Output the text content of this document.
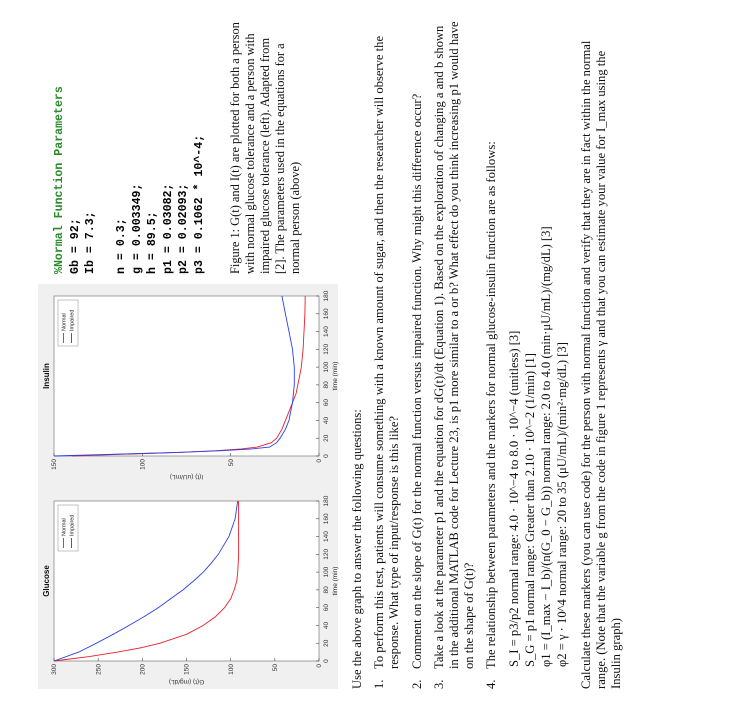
0
20
40
60
80
100
120
140
160
180
0
50
100
150
200
250
300
Glucose	time (min)
G(t) (mg/dL)
Normal Impaired
0
20
40
60
80
100
120
140
160
180
0
50
100
150
Insulin	time (min)
I(t) (uU/mL)
Normal Impaired
%Normal Function Parameters Gb = 92; Ib = 7.3; n = 0.3; g = 0.003349; h = 89.5; p1 = 0.03082; p2 = 0.02093; p3 = 0.1062 * 10^-4; Figure 1: G(t) and I(t) are plotted for both a person with normal glucose tolerance and a person with impaired glucose tolerance (left). Adapted from [2]. The parameters used in the equations for a normal person (above)

Use the above graph to answer the following questions: 1.
To perform this test, patients will consume something with a known amount of sugar, and then the researcher will observe the response. What type of input/response is this like?
2.
Comment on the slope of G(t) for the normal function versus impaired function. Why might this difference occur?
3.
Take a look at the parameter p1 and the equation for dG(t)/dt (Equation 1). Based on the exploration of changing a and b shown in the additional MATLAB code for Lecture 23, is p1 more similar to a or b? What effect do you think increasing p1 would have on the shape of G(t)?
4.
The relationship between parameters and the markers for normal glucose-insulin function are as follows: S_I = p3/p2 normal range: 4.0 · 10^−4 to 8.0 · 10^−4 (unitless) [3] S_G = p1 normal range: Greater than 2.10 · 10^−2 (1/min) [1] φ1 = (I_max − I_b)/(n(G_0 − G_b)) normal range: 2.0 to 4.0 (min·μU/mL)/(mg/dL) [3] φ2 = γ · 10^4 normal range: 20 to 35 (μU/mL)/(min²·mg/dL) [3] Calculate these markers (you can use code) for the person with normal function and verify that they are in fact within the normal range. (Note that the variable g from the code in figure 1 represents γ and that you can estimate your value for I_max using the Insulin graph)
